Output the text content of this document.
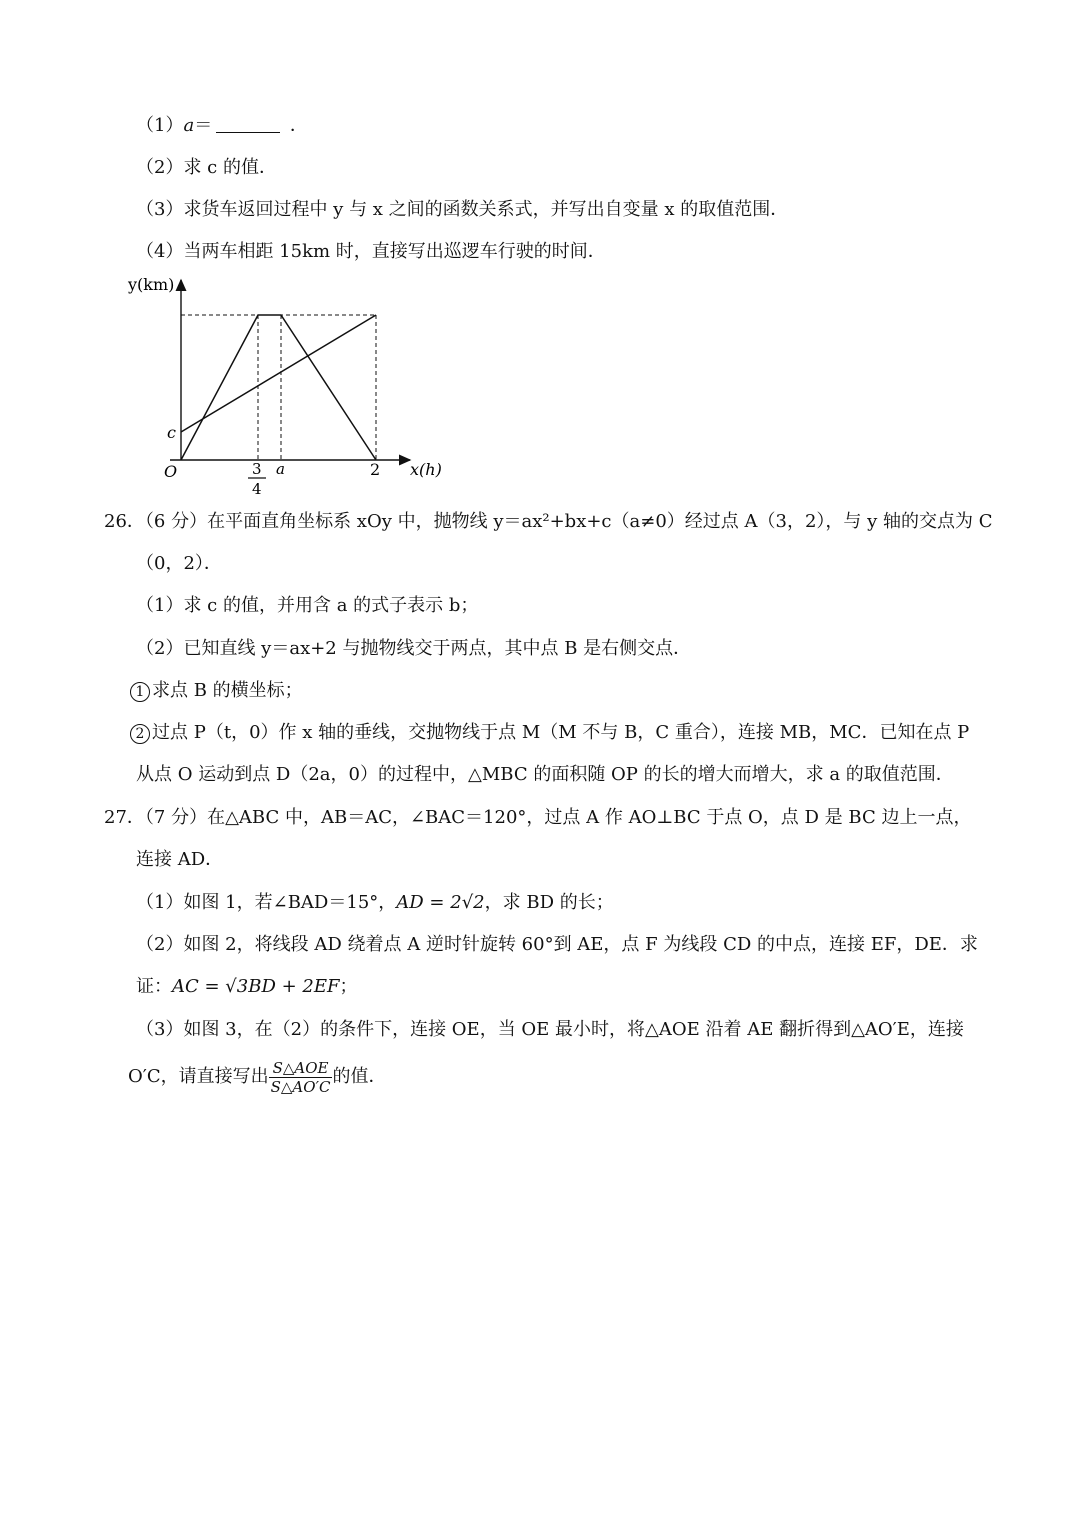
（1）a＝	．
（2）求 c 的值．
（3）求货车返回过程中 y 与 x 之间的函数关系式，并写出自变量 x 的取值范围．
（4）当两车相距 15km 时，直接写出巡逻车行驶的时间．
y(km)
x(h)
O
c
a	2
3
4
26．（6 分）在平面直角坐标系 xOy 中，抛物线 y＝ax²+bx+c（a≠0）经过点 A（3，2），与 y 轴的交点为 C
（0，2）．
（1）求 c 的值，并用含 a 的式子表示 b；
（2）已知直线 y＝ax+2 与抛物线交于两点，其中点 B 是右侧交点．
1 求点 B 的横坐标；
2 过点 P（t，0）作 x 轴的垂线，交抛物线于点 M（M 不与 B，C 重合），连接 MB，MC．已知在点 P
从点 O 运动到点 D（2a，0）的过程中，△MBC 的面积随 OP 的长的增大而增大，求 a 的取值范围．
27．（7 分）在△ABC 中，AB＝AC，∠BAC＝120°，过点 A 作 AO⊥BC 于点 O，点 D 是 BC 边上一点，
连接 AD．
（1）如图 1，若∠BAD＝15°，AD = 2√2，求 BD 的长；
（2）如图 2，将线段 AD 绕着点 A 逆时针旋转 60°到 AE，点 F 为线段 CD 的中点，连接 EF，DE．求
证：AC = √3BD + 2EF；
（3）如图 3，在（2）的条件下，连接 OE，当 OE 最小时，将△AOE 沿着 AE 翻折得到△AO′E，连接
O′C，请直接写出 $\frac{\text{S△AOE}}{S\triangle AO'C}$ 的值．
